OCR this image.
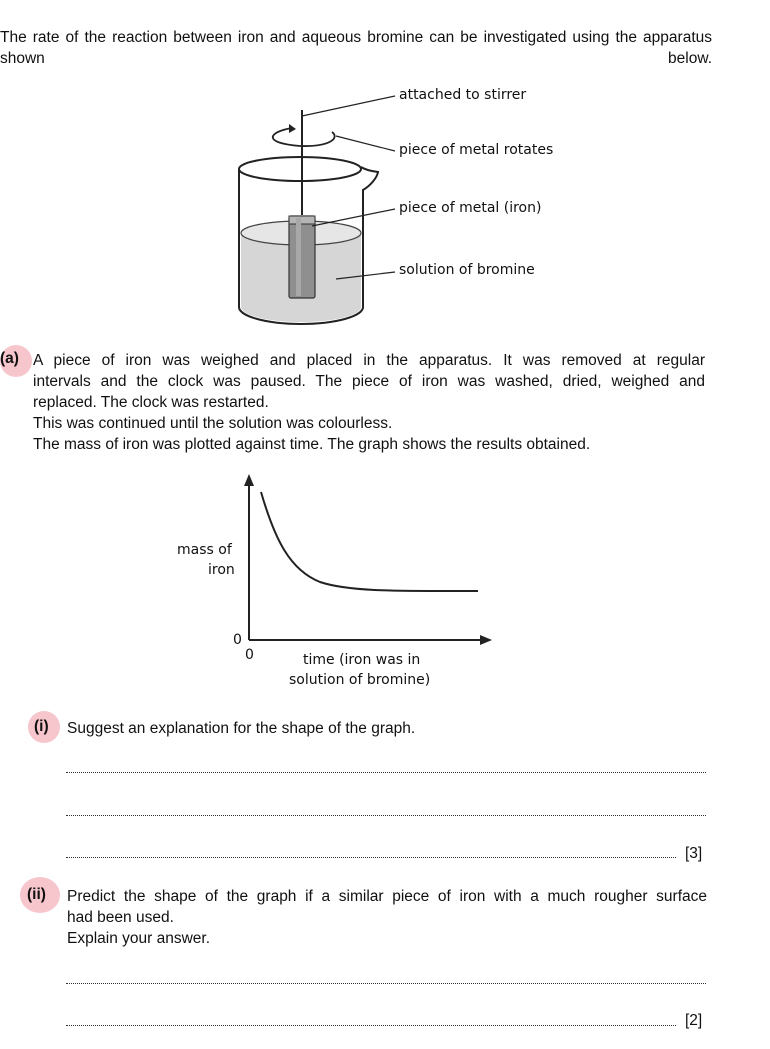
The rate of the reaction between iron and aqueous bromine can be investigated using the apparatus shown below.

attached to stirrer
piece of metal rotates
piece of metal (iron)
solution of bromine
(a) A piece of iron was weighed and placed in the apparatus. It was removed at regular

intervals and the clock was paused. The piece of iron was washed, dried, weighed and

replaced. The clock was restarted.

This was continued until the solution was colourless.

The mass of iron was plotted against time. The graph shows the results obtained.

mass of
iron
0
0	time (iron was in
solution of bromine)
(i) Suggest an explanation for the shape of the graph.
[3]
(ii) Predict the shape of the graph if a similar piece of iron with a much rougher surface

had been used.

Explain your answer.

[2]
